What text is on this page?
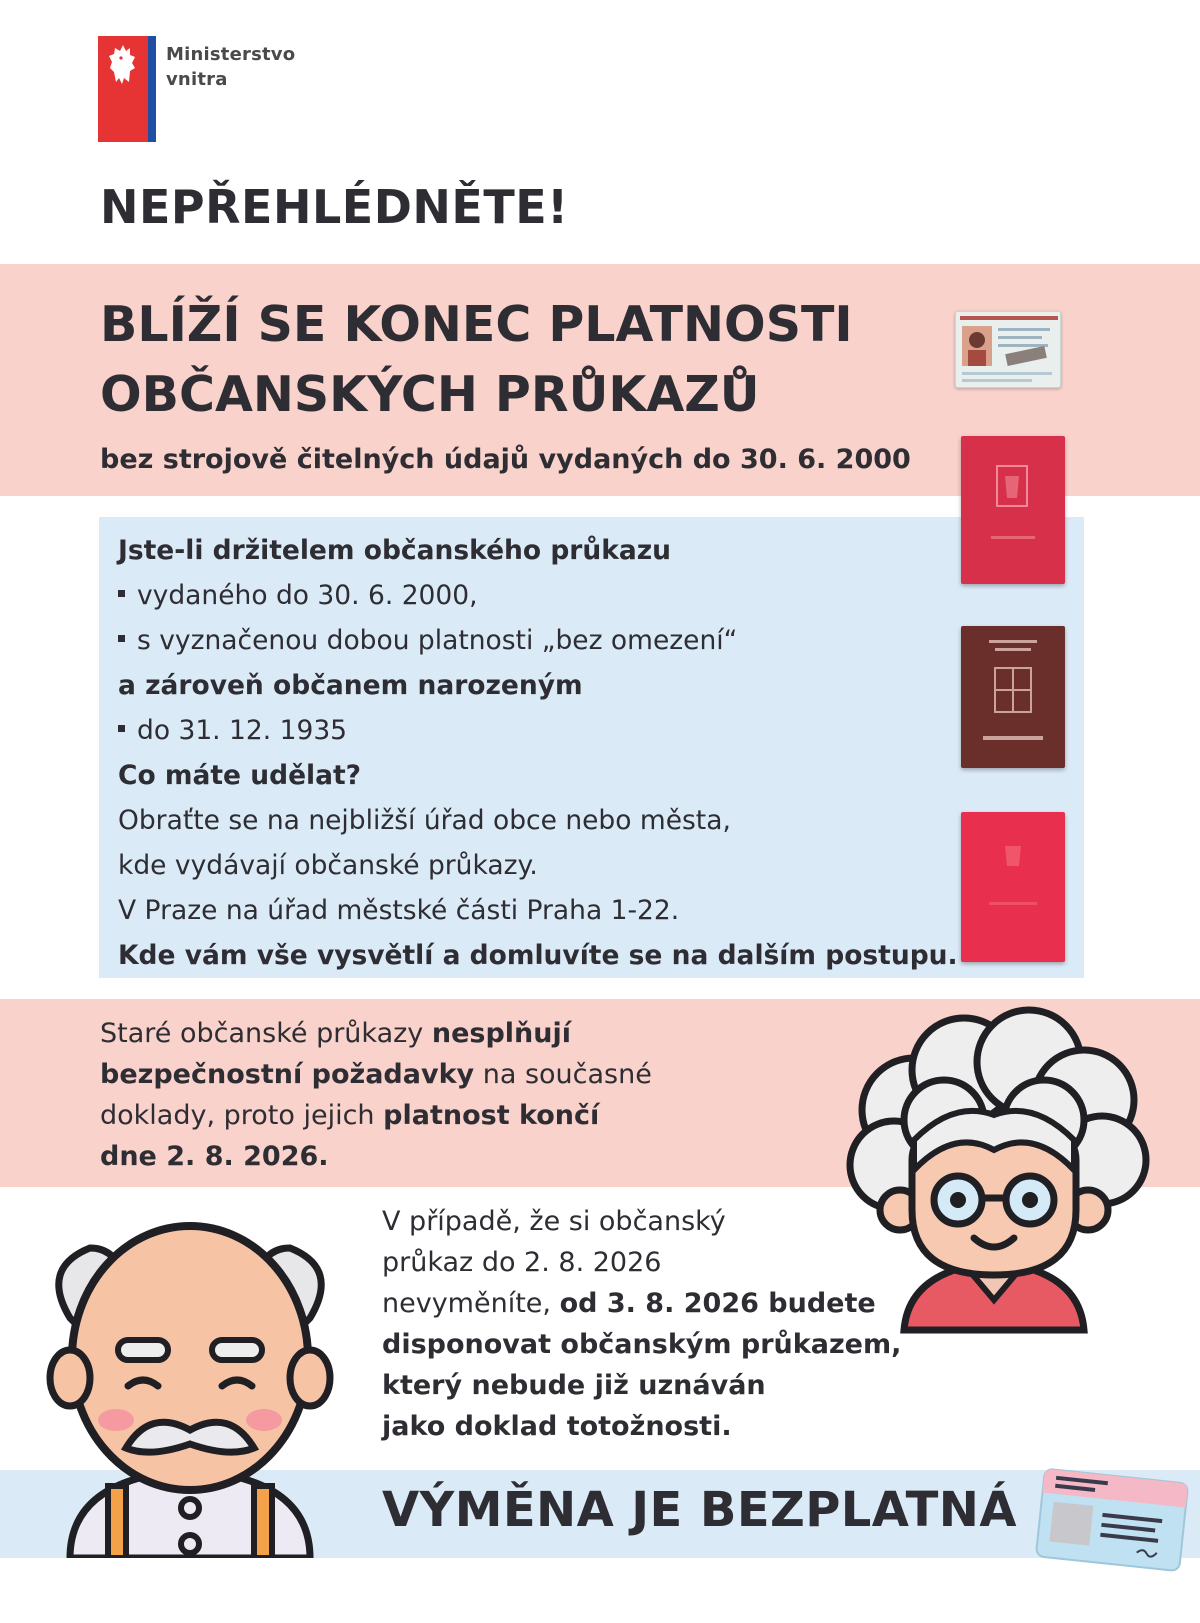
Ministerstvo
vnitra
NEPŘEHLÉDNĚTE!
BLÍŽÍ SE KONEC PLATNOSTI
OBČANSKÝCH PRŮKAZŮ
bez strojově čitelných údajů vydaných do 30. 6. 2000
Jste-li držitelem občanského průkazu
vydaného do 30. 6. 2000,
s vyznačenou dobou platnosti „bez omezení“
a zároveň občanem narozeným
do 31. 12. 1935
Co máte udělat?
Obraťte se na nejbližší úřad obce nebo města,
kde vydávají občanské průkazy.
V Praze na úřad městské části Praha 1-22.
Kde vám vše vysvětlí a domluvíte se na dalším postupu.
Staré občanské průkazy nesplňují
bezpečnostní požadavky na současné
doklady, proto jejich platnost končí
dne 2. 8. 2026.
V případě, že si občanský
průkaz do 2. 8. 2026
nevyměníte, od 3. 8. 2026 budete
disponovat občanským průkazem,
který nebude již uznáván
jako doklad totožnosti.
VÝMĚNA JE BEZPLATNÁ
